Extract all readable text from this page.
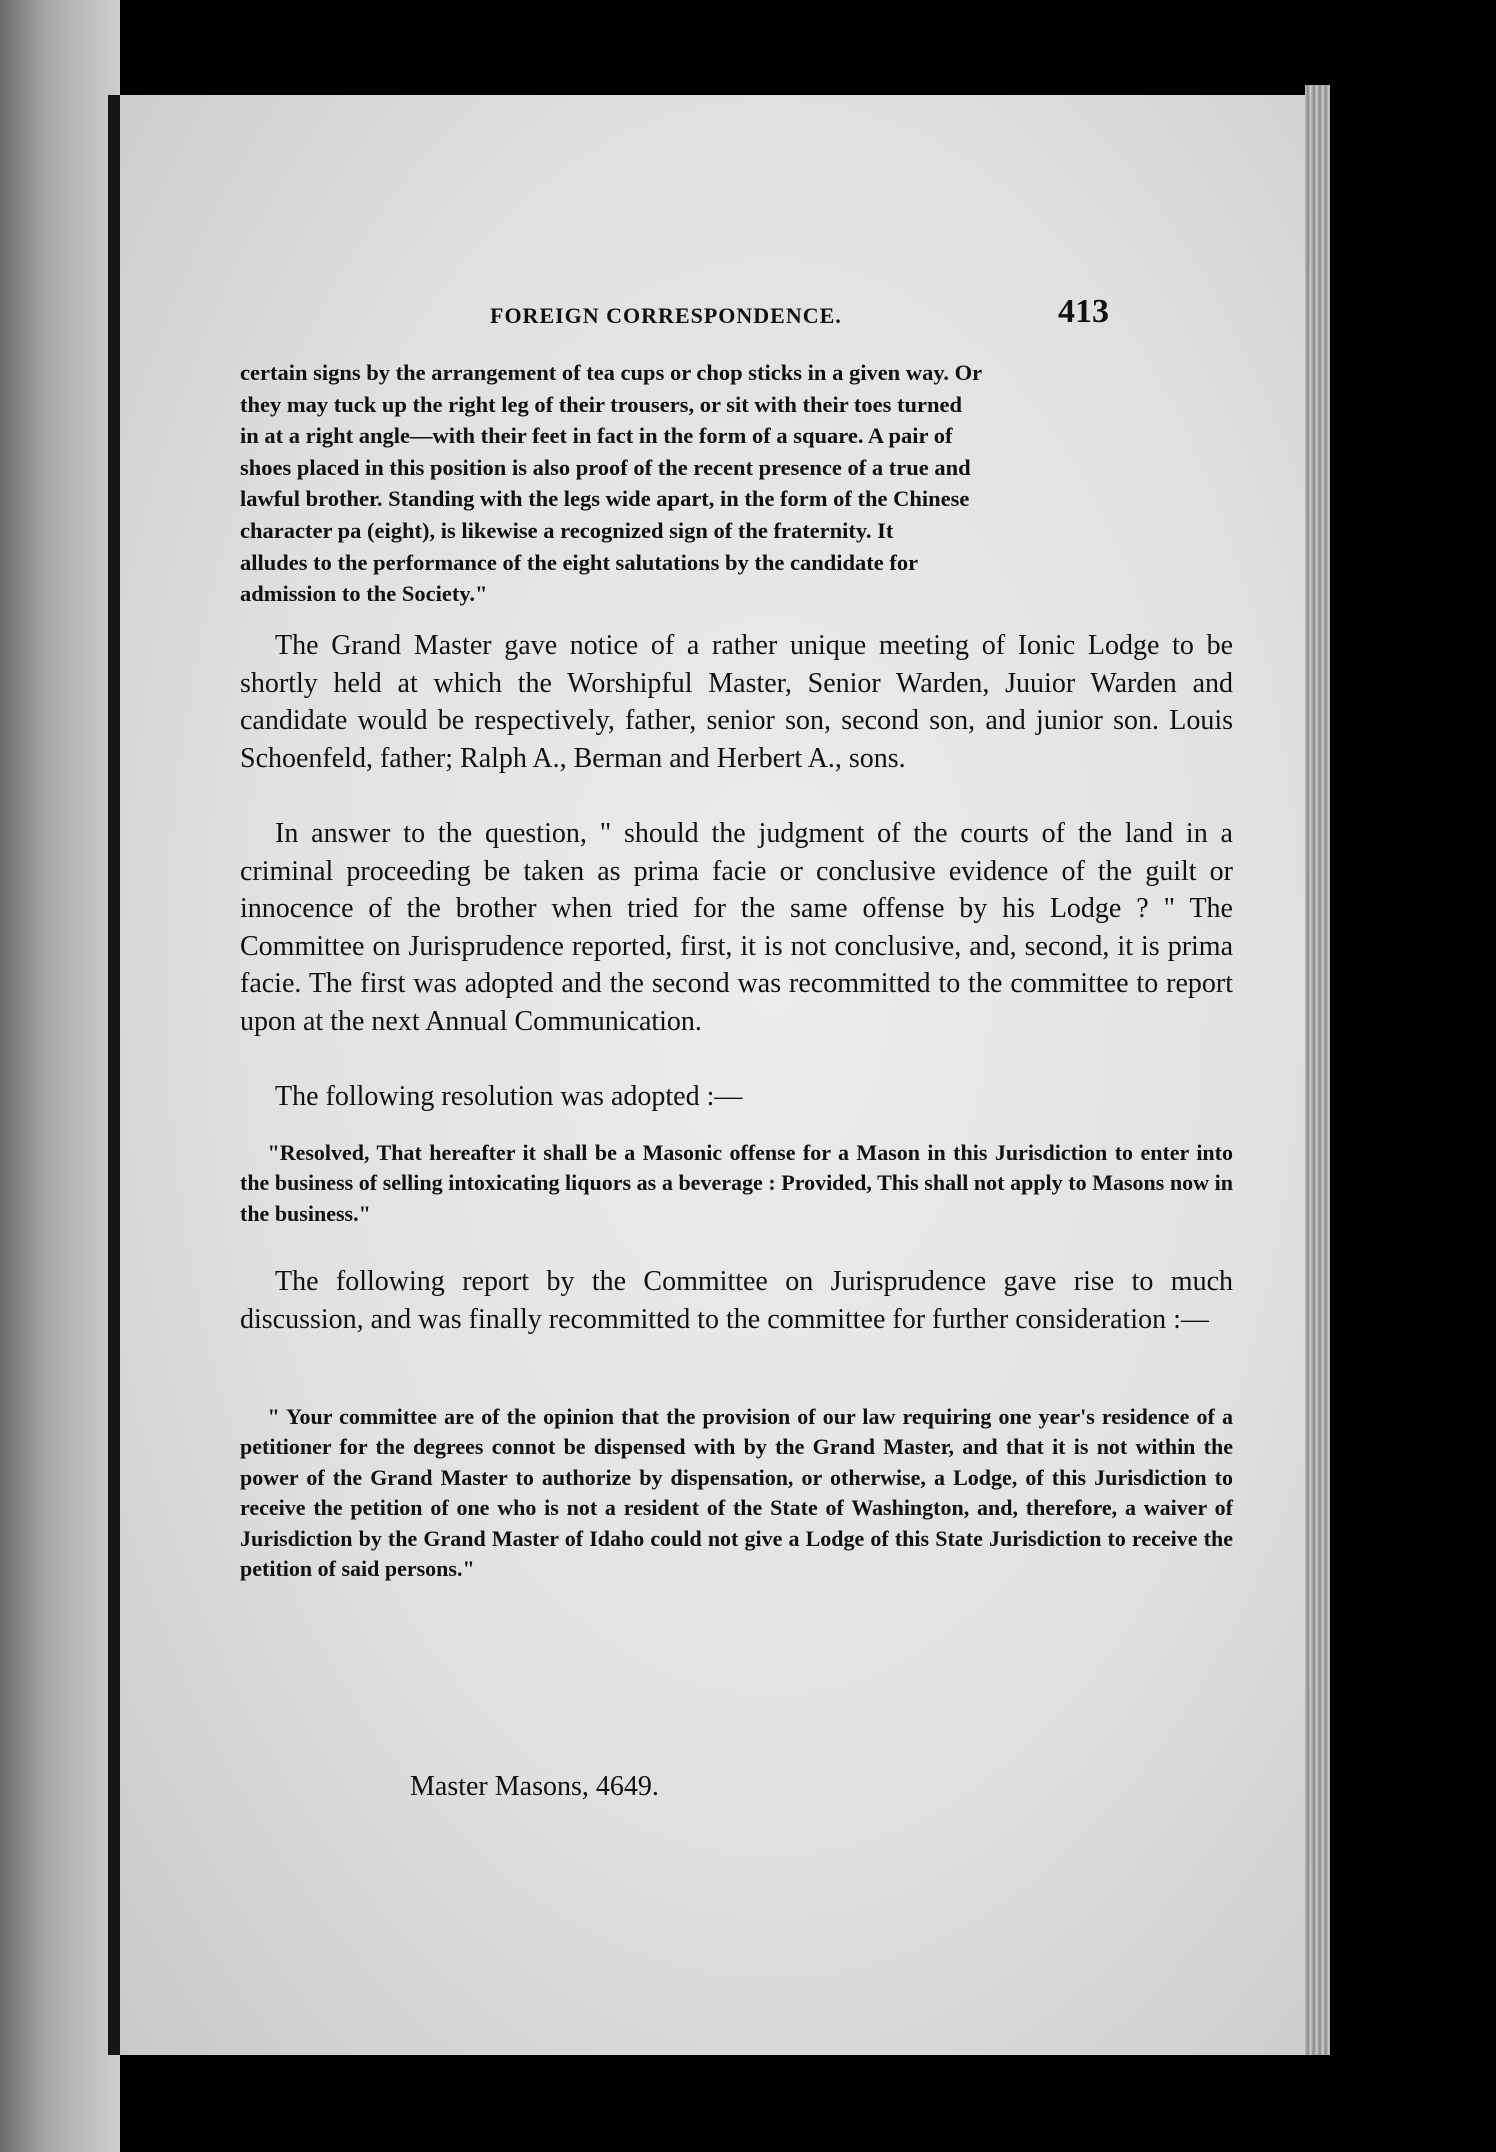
FOREIGN CORRESPONDENCE.	413
certain signs by the arrangement of tea cups or chop sticks in a given way. Or
they may tuck up the right leg of their trousers, or sit with their toes turned
in at a right angle—with their feet in fact in the form of a square. A pair of
shoes placed in this position is also proof of the recent presence of a true and
lawful brother. Standing with the legs wide apart, in the form of the Chinese
character pa (eight), is likewise a recognized sign of the fraternity. It
alludes to the performance of the eight salutations by the candidate for
admission to the Society."

The Grand Master gave notice of a rather unique meeting of Ionic Lodge to be shortly held at which the Worshipful Master, Senior Warden, Juuior Warden and candidate would be respectively, father, senior son, second son, and junior son. Louis Schoenfeld, father; Ralph A., Berman and Herbert A., sons.

In answer to the question, " should the judgment of the courts of the land in a criminal proceeding be taken as prima facie or conclusive evidence of the guilt or innocence of the brother when tried for the same offense by his Lodge ? " The Committee on Jurisprudence reported, first, it is not conclusive, and, second, it is prima facie. The first was adopted and the second was recommitted to the committee to report upon at the next Annual Communication.

The following resolution was adopted :—

"Resolved, That hereafter it shall be a Masonic offense for a Mason in this Jurisdiction to enter into the business of selling intoxicating liquors as a beverage : Provided, This shall not apply to Masons now in the business."

The following report by the Committee on Jurisprudence gave rise to much discussion, and was finally recommitted to the committee for further consideration :—

" Your committee are of the opinion that the provision of our law requiring one year's residence of a petitioner for the degrees connot be dispensed with by the Grand Master, and that it is not within the power of the Grand Master to authorize by dispensation, or otherwise, a Lodge, of this Jurisdiction to receive the petition of one who is not a resident of the State of Washington, and, therefore, a waiver of Jurisdiction by the Grand Master of Idaho could not give a Lodge of this State Jurisdiction to receive the petition of said persons."

Master Masons, 4649.
